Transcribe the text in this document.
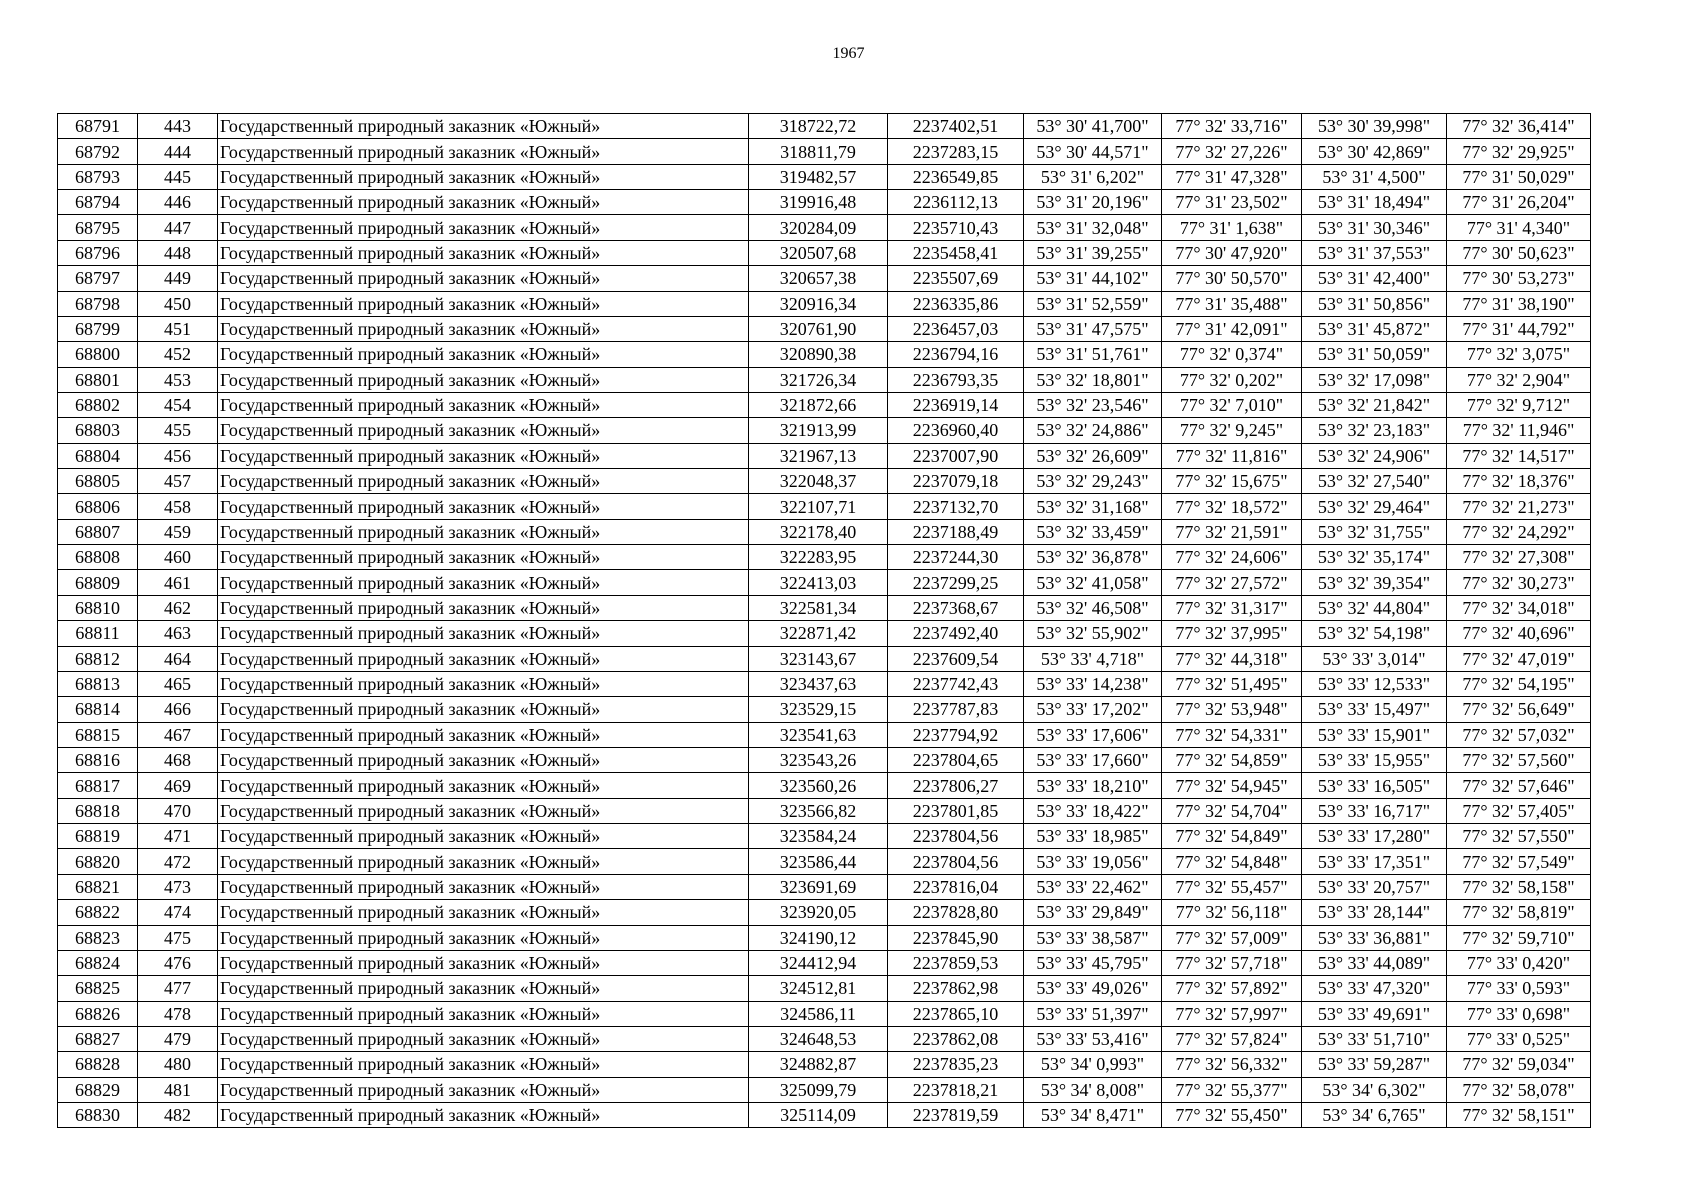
1967
68791	443	Государственный природный заказник «Южный»	318722,72	2237402,51	53° 30' 41,700"	77° 32' 33,716"	53° 30' 39,998"	77° 32' 36,414"
68792	444	Государственный природный заказник «Южный»	318811,79	2237283,15	53° 30' 44,571"	77° 32' 27,226"	53° 30' 42,869"	77° 32' 29,925"
68793	445	Государственный природный заказник «Южный»	319482,57	2236549,85	53° 31' 6,202"	77° 31' 47,328"	53° 31' 4,500"	77° 31' 50,029"
68794	446	Государственный природный заказник «Южный»	319916,48	2236112,13	53° 31' 20,196"	77° 31' 23,502"	53° 31' 18,494"	77° 31' 26,204"
68795	447	Государственный природный заказник «Южный»	320284,09	2235710,43	53° 31' 32,048"	77° 31' 1,638"	53° 31' 30,346"	77° 31' 4,340"
68796	448	Государственный природный заказник «Южный»	320507,68	2235458,41	53° 31' 39,255"	77° 30' 47,920"	53° 31' 37,553"	77° 30' 50,623"
68797	449	Государственный природный заказник «Южный»	320657,38	2235507,69	53° 31' 44,102"	77° 30' 50,570"	53° 31' 42,400"	77° 30' 53,273"
68798	450	Государственный природный заказник «Южный»	320916,34	2236335,86	53° 31' 52,559"	77° 31' 35,488"	53° 31' 50,856"	77° 31' 38,190"
68799	451	Государственный природный заказник «Южный»	320761,90	2236457,03	53° 31' 47,575"	77° 31' 42,091"	53° 31' 45,872"	77° 31' 44,792"
68800	452	Государственный природный заказник «Южный»	320890,38	2236794,16	53° 31' 51,761"	77° 32' 0,374"	53° 31' 50,059"	77° 32' 3,075"
68801	453	Государственный природный заказник «Южный»	321726,34	2236793,35	53° 32' 18,801"	77° 32' 0,202"	53° 32' 17,098"	77° 32' 2,904"
68802	454	Государственный природный заказник «Южный»	321872,66	2236919,14	53° 32' 23,546"	77° 32' 7,010"	53° 32' 21,842"	77° 32' 9,712"
68803	455	Государственный природный заказник «Южный»	321913,99	2236960,40	53° 32' 24,886"	77° 32' 9,245"	53° 32' 23,183"	77° 32' 11,946"
68804	456	Государственный природный заказник «Южный»	321967,13	2237007,90	53° 32' 26,609"	77° 32' 11,816"	53° 32' 24,906"	77° 32' 14,517"
68805	457	Государственный природный заказник «Южный»	322048,37	2237079,18	53° 32' 29,243"	77° 32' 15,675"	53° 32' 27,540"	77° 32' 18,376"
68806	458	Государственный природный заказник «Южный»	322107,71	2237132,70	53° 32' 31,168"	77° 32' 18,572"	53° 32' 29,464"	77° 32' 21,273"
68807	459	Государственный природный заказник «Южный»	322178,40	2237188,49	53° 32' 33,459"	77° 32' 21,591"	53° 32' 31,755"	77° 32' 24,292"
68808	460	Государственный природный заказник «Южный»	322283,95	2237244,30	53° 32' 36,878"	77° 32' 24,606"	53° 32' 35,174"	77° 32' 27,308"
68809	461	Государственный природный заказник «Южный»	322413,03	2237299,25	53° 32' 41,058"	77° 32' 27,572"	53° 32' 39,354"	77° 32' 30,273"
68810	462	Государственный природный заказник «Южный»	322581,34	2237368,67	53° 32' 46,508"	77° 32' 31,317"	53° 32' 44,804"	77° 32' 34,018"
68811	463	Государственный природный заказник «Южный»	322871,42	2237492,40	53° 32' 55,902"	77° 32' 37,995"	53° 32' 54,198"	77° 32' 40,696"
68812	464	Государственный природный заказник «Южный»	323143,67	2237609,54	53° 33' 4,718"	77° 32' 44,318"	53° 33' 3,014"	77° 32' 47,019"
68813	465	Государственный природный заказник «Южный»	323437,63	2237742,43	53° 33' 14,238"	77° 32' 51,495"	53° 33' 12,533"	77° 32' 54,195"
68814	466	Государственный природный заказник «Южный»	323529,15	2237787,83	53° 33' 17,202"	77° 32' 53,948"	53° 33' 15,497"	77° 32' 56,649"
68815	467	Государственный природный заказник «Южный»	323541,63	2237794,92	53° 33' 17,606"	77° 32' 54,331"	53° 33' 15,901"	77° 32' 57,032"
68816	468	Государственный природный заказник «Южный»	323543,26	2237804,65	53° 33' 17,660"	77° 32' 54,859"	53° 33' 15,955"	77° 32' 57,560"
68817	469	Государственный природный заказник «Южный»	323560,26	2237806,27	53° 33' 18,210"	77° 32' 54,945"	53° 33' 16,505"	77° 32' 57,646"
68818	470	Государственный природный заказник «Южный»	323566,82	2237801,85	53° 33' 18,422"	77° 32' 54,704"	53° 33' 16,717"	77° 32' 57,405"
68819	471	Государственный природный заказник «Южный»	323584,24	2237804,56	53° 33' 18,985"	77° 32' 54,849"	53° 33' 17,280"	77° 32' 57,550"
68820	472	Государственный природный заказник «Южный»	323586,44	2237804,56	53° 33' 19,056"	77° 32' 54,848"	53° 33' 17,351"	77° 32' 57,549"
68821	473	Государственный природный заказник «Южный»	323691,69	2237816,04	53° 33' 22,462"	77° 32' 55,457"	53° 33' 20,757"	77° 32' 58,158"
68822	474	Государственный природный заказник «Южный»	323920,05	2237828,80	53° 33' 29,849"	77° 32' 56,118"	53° 33' 28,144"	77° 32' 58,819"
68823	475	Государственный природный заказник «Южный»	324190,12	2237845,90	53° 33' 38,587"	77° 32' 57,009"	53° 33' 36,881"	77° 32' 59,710"
68824	476	Государственный природный заказник «Южный»	324412,94	2237859,53	53° 33' 45,795"	77° 32' 57,718"	53° 33' 44,089"	77° 33' 0,420"
68825	477	Государственный природный заказник «Южный»	324512,81	2237862,98	53° 33' 49,026"	77° 32' 57,892"	53° 33' 47,320"	77° 33' 0,593"
68826	478	Государственный природный заказник «Южный»	324586,11	2237865,10	53° 33' 51,397"	77° 32' 57,997"	53° 33' 49,691"	77° 33' 0,698"
68827	479	Государственный природный заказник «Южный»	324648,53	2237862,08	53° 33' 53,416"	77° 32' 57,824"	53° 33' 51,710"	77° 33' 0,525"
68828	480	Государственный природный заказник «Южный»	324882,87	2237835,23	53° 34' 0,993"	77° 32' 56,332"	53° 33' 59,287"	77° 32' 59,034"
68829	481	Государственный природный заказник «Южный»	325099,79	2237818,21	53° 34' 8,008"	77° 32' 55,377"	53° 34' 6,302"	77° 32' 58,078"
68830	482	Государственный природный заказник «Южный»	325114,09	2237819,59	53° 34' 8,471"	77° 32' 55,450"	53° 34' 6,765"	77° 32' 58,151"
